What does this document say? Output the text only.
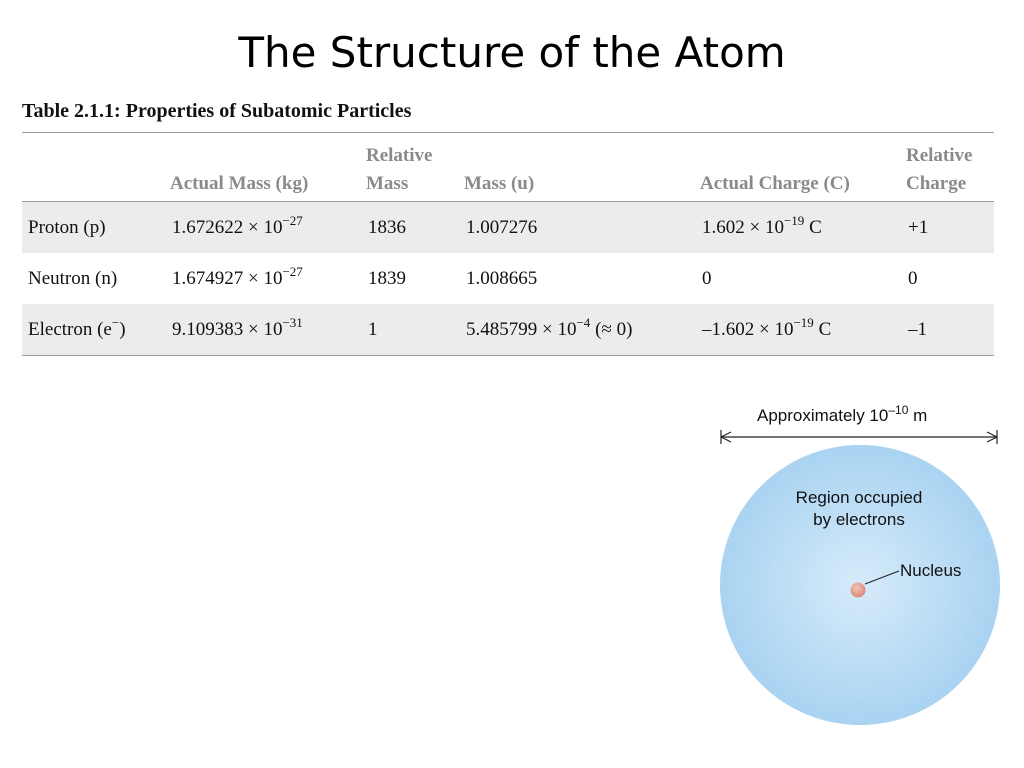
The Structure of the Atom
Table 2.1.1: Properties of Subatomic Particles
		Relative			Relative
	Actual Mass (kg)	Mass	Mass (u)	Actual Charge (C)	Charge
Proton (p)	$1.672622 \times 10^{-27}$	1836	1.007276	$1.602 \times 10^{-19}$ C	+1
Neutron (n)	$1.674927 \times 10^{-27}$	1839	1.008665	0	0
Electron (e−)	$9.109383 \times 10^{-31}$	1	$5.485799 \times 10^{-4}$ (≈ 0)	$-1.602 \times 10^{-19}$ C	–1
Approximately $10^{-10}$ m
Region occupied
by electrons
Nucleus
